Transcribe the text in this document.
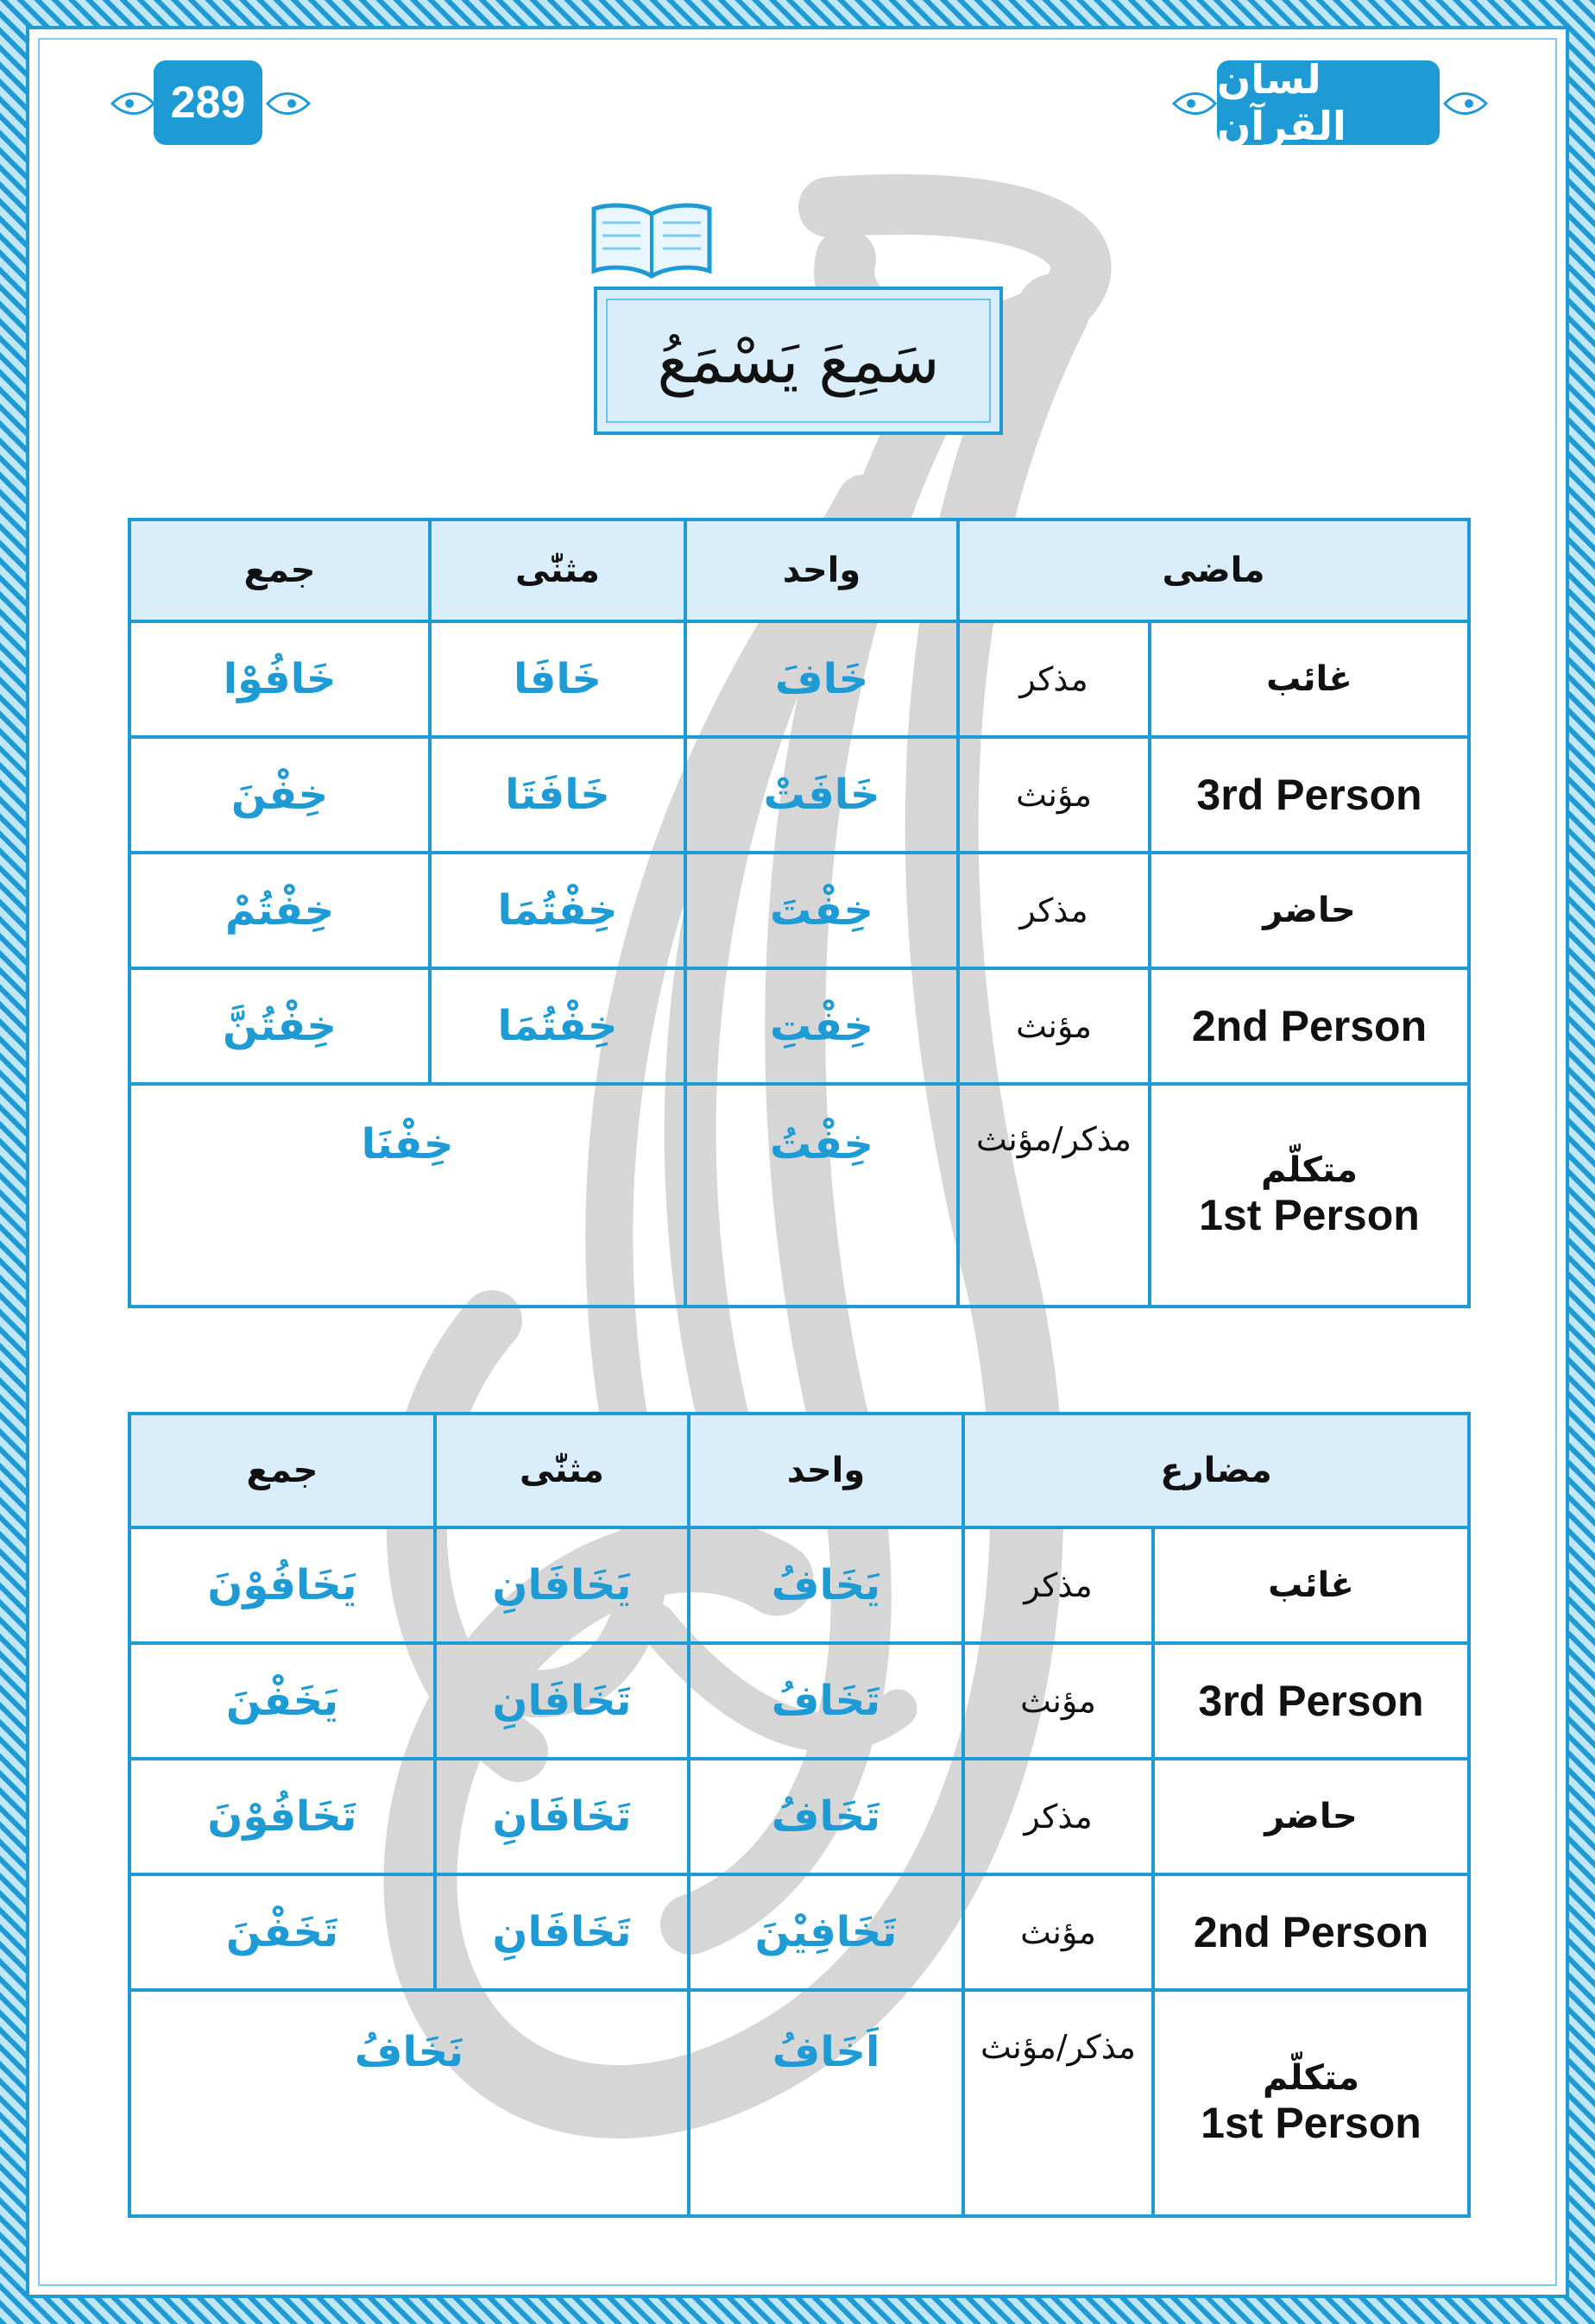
289	لسان القرآن
سَمِعَ يَسْمَعُ
جمع	مثنّٰی	واحد	ماضی	
خَافُوْا	خَافَا	خَافَ	مذکر	غائب
خِفْنَ	خَافَتَا	خَافَتْ	مؤنث	3rd Person
خِفْتُمْ	خِفْتُمَا	خِفْتَ	مذکر	حاضر
خِفْتُنَّ	خِفْتُمَا	خِفْتِ	مؤنث	2nd Person
خِفْنَا		خِفْتُ	مذکر/مؤنث	متکلّم
1st Person
جمع	مثنّٰی	واحد	مضارع	
يَخَافُوْنَ	يَخَافَانِ	يَخَافُ	مذکر	غائب
يَخَفْنَ	تَخَافَانِ	تَخَافُ	مؤنث	3rd Person
تَخَافُوْنَ	تَخَافَانِ	تَخَافُ	مذکر	حاضر
تَخَفْنَ	تَخَافَانِ	تَخَافِيْنَ	مؤنث	2nd Person
نَخَافُ		اَخَافُ	مذکر/مؤنث	متکلّم
1st Person
